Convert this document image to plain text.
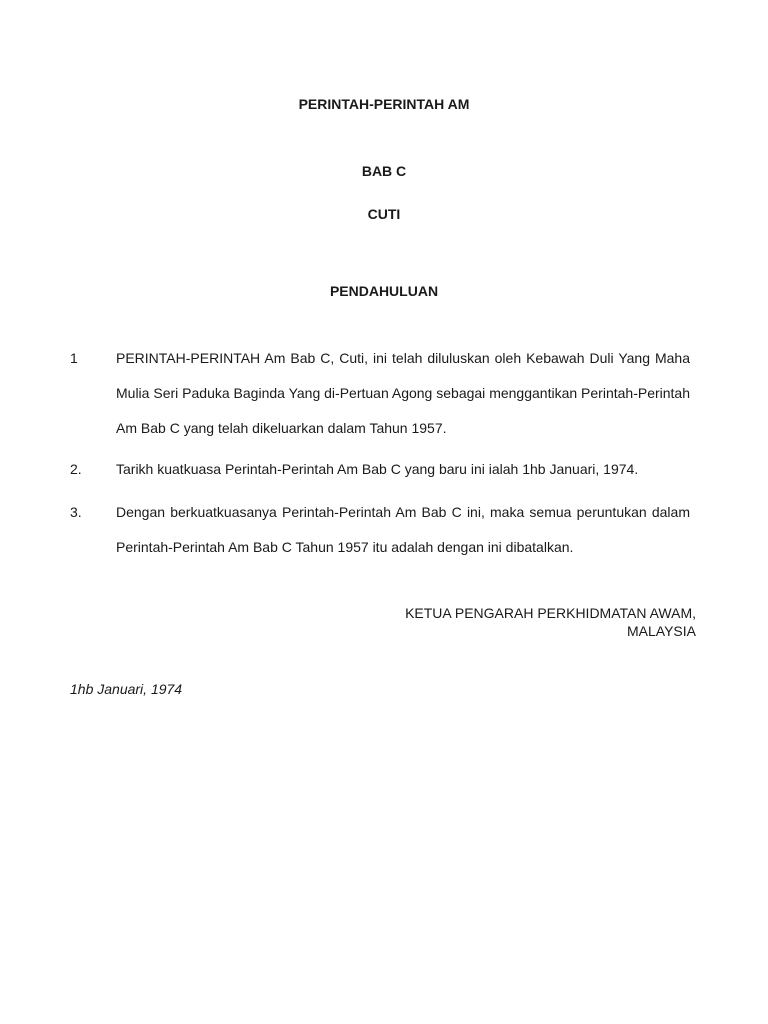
PERINTAH-PERINTAH AM
BAB C
CUTI
PENDAHULUAN
1	PERINTAH-PERINTAH Am Bab C, Cuti, ini telah diluluskan oleh Kebawah Duli Yang Maha Mulia Seri Paduka Baginda Yang di-Pertuan Agong sebagai menggantikan Perintah-Perintah Am Bab C yang telah dikeluarkan dalam Tahun 1957.
2. Tarikh kuatkuasa Perintah-Perintah Am Bab C yang baru ini ialah 1hb Januari, 1974.
3. Dengan berkuatkuasanya Perintah-Perintah Am Bab C ini, maka semua peruntukan dalam Perintah-Perintah Am Bab C Tahun 1957 itu adalah dengan ini dibatalkan.
KETUA PENGARAH PERKHIDMATAN AWAM,
MALAYSIA
1hb Januari, 1974
